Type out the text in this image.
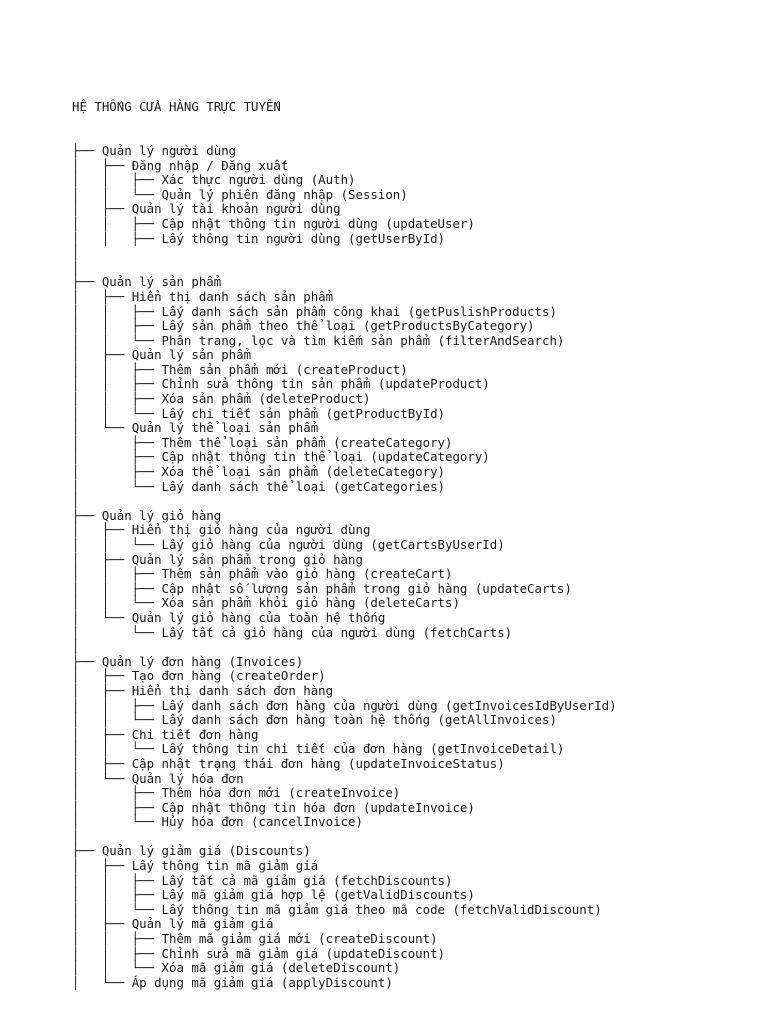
HỆ THỐNG CỬA HÀNG TRỰC TUYẾN

├── Quản lý người dùng
│   ├── Đăng nhập / Đăng xuất
│   │   ├── Xác thực người dùng (Auth)
│   │   └── Quản lý phiên đăng nhập (Session)
│   ├── Quản lý tài khoản người dùng
│   │   ├── Cập nhật thông tin người dùng (updateUser)
│   │   ├── Lấy thông tin người dùng (getUserById)
│
│
├── Quản lý sản phẩm
│   ├── Hiển thị danh sách sản phẩm
│   │   ├── Lấy danh sách sản phẩm công khai (getPuslishProducts)
│   │   ├── Lấy sản phẩm theo thể loại (getProductsByCategory)
│   │   └── Phân trang, lọc và tìm kiếm sản phẩm (filterAndSearch)
│   ├── Quản lý sản phẩm
│   │   ├── Thêm sản phẩm mới (createProduct)
│   │   ├── Chỉnh sửa thông tin sản phẩm (updateProduct)
│   │   ├── Xóa sản phẩm (deleteProduct)
│   │   └── Lấy chi tiết sản phẩm (getProductById)
│   └── Quản lý thể loại sản phẩm
│       ├── Thêm thể loại sản phẩm (createCategory)
│       ├── Cập nhật thông tin thể loại (updateCategory)
│       ├── Xóa thể loại sản phẩm (deleteCategory)
│       └── Lấy danh sách thể loại (getCategories)
│
├── Quản lý giỏ hàng
│   ├── Hiển thị giỏ hàng của người dùng
│   │   └── Lấy giỏ hàng của người dùng (getCartsByUserId)
│   ├── Quản lý sản phẩm trong giỏ hàng
│   │   ├── Thêm sản phẩm vào giỏ hàng (createCart)
│   │   ├── Cập nhật số lượng sản phẩm trong giỏ hàng (updateCarts)
│   │   └── Xóa sản phẩm khỏi giỏ hàng (deleteCarts)
│   └── Quản lý giỏ hàng của toàn hệ thống
│       └── Lấy tất cả giỏ hàng của người dùng (fetchCarts)
│
├── Quản lý đơn hàng (Invoices)
│   ├── Tạo đơn hàng (createOrder)
│   ├── Hiển thị danh sách đơn hàng
│   │   ├── Lấy danh sách đơn hàng của người dùng (getInvoicesIdByUserId)
│   │   └── Lấy danh sách đơn hàng toàn hệ thống (getAllInvoices)
│   ├── Chi tiết đơn hàng
│   │   └── Lấy thông tin chi tiết của đơn hàng (getInvoiceDetail)
│   ├── Cập nhật trạng thái đơn hàng (updateInvoiceStatus)
│   └── Quản lý hóa đơn
│       ├── Thêm hóa đơn mới (createInvoice)
│       ├── Cập nhật thông tin hóa đơn (updateInvoice)
│       └── Hủy hóa đơn (cancelInvoice)
│
├── Quản lý giảm giá (Discounts)
│   ├── Lấy thông tin mã giảm giá
│   │   ├── Lấy tất cả mã giảm giá (fetchDiscounts)
│   │   ├── Lấy mã giảm giá hợp lệ (getValidDiscounts)
│   │   └── Lấy thông tin mã giảm giá theo mã code (fetchValidDiscount)
│   ├── Quản lý mã giảm giá
│   │   ├── Thêm mã giảm giá mới (createDiscount)
│   │   ├── Chỉnh sửa mã giảm giá (updateDiscount)
│   │   └── Xóa mã giảm giá (deleteDiscount)
│   └── Áp dụng mã giảm giá (applyDiscount)
